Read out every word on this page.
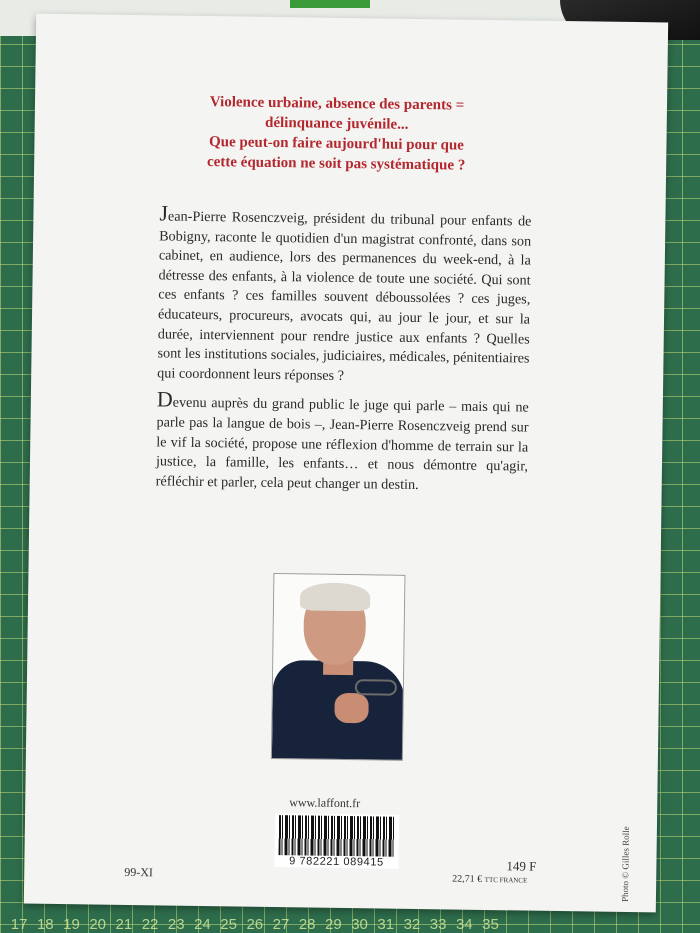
17 18 19 20 21 22 23 24 25 26 27 28 29 30 31 32 33 34 35
Violence urbaine, absence des parents =
délinquance juvénile...
Que peut-on faire aujourd'hui pour que
cette équation ne soit pas systématique ?

Jean-Pierre Rosenczveig, président du tribunal pour enfants de Bobigny, raconte le quotidien d'un magistrat confronté, dans son cabinet, en audience, lors des permanences du week-end, à la détresse des enfants, à la violence de toute une société. Qui sont ces enfants ? ces familles souvent déboussolées ? ces juges, éducateurs, procureurs, avocats qui, au jour le jour, et sur la durée, interviennent pour rendre justice aux enfants ? Quelles sont les institutions sociales, judiciaires, médicales, pénitentiaires qui coordonnent leurs réponses ?

Devenu auprès du grand public le juge qui parle – mais qui ne parle pas la langue de bois –, Jean-Pierre Rosenczveig prend sur le vif la société, propose une réflexion d'homme de terrain sur la justice, la famille, les enfants… et nous démontre qu'agir, réfléchir et parler, cela peut changer un destin.

www.laffont.fr
9 782221 089415
99-XI	149 F
22,71 € TTC FRANCE	Photo © Gilles Rolle
